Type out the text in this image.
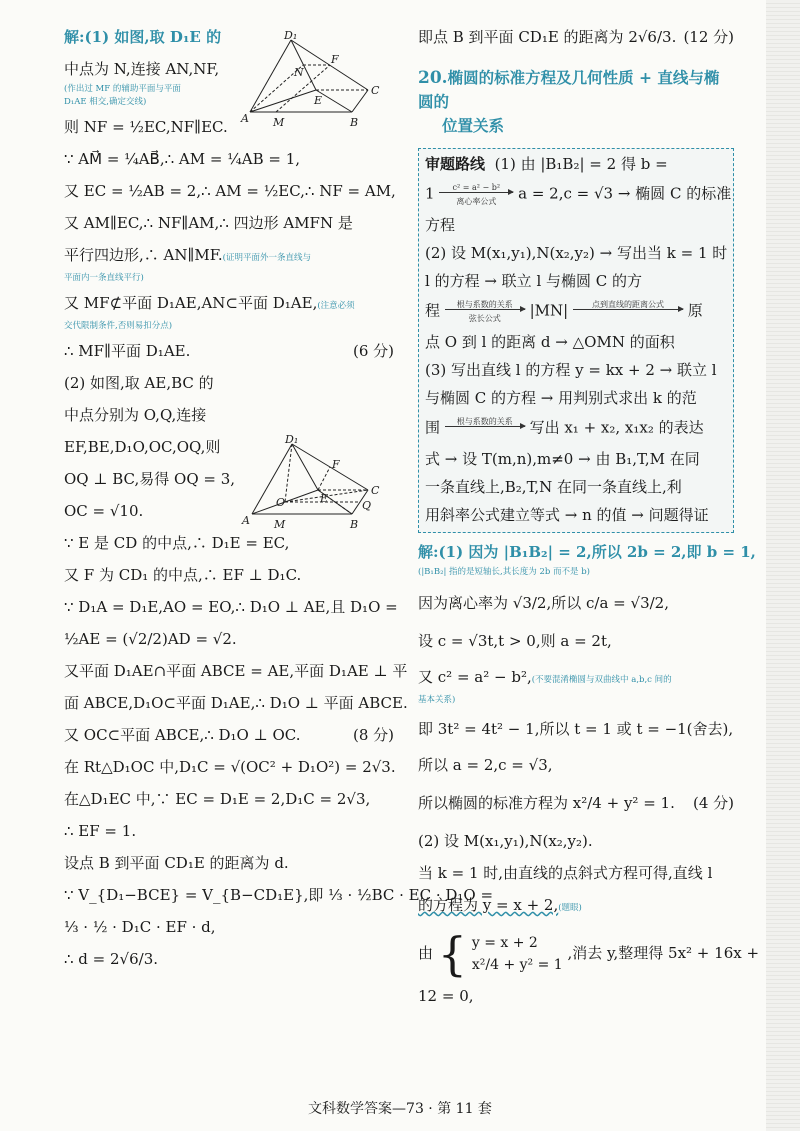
解:(1) 如图,取 D₁E 的
中点为 N,连接 AN,NF,
(作出过 MF 的辅助平面与平面
D₁AE 相交,确定交线)
则 NF = ½EC,NF∥EC.
∵ AM⃗ = ¼AB⃗,∴ AM = ¼AB = 1,
又 EC = ½AB = 2,∴ AM = ½EC,∴ NF = AM,
又 AM∥EC,∴ NF∥AM,∴ 四边形 AMFN 是
平行四边形,∴ AN∥MF.(证明平面外一条直线与
平面内一条直线平行)
又 MF⊄平面 D₁AE,AN⊂平面 D₁AE,(注意必须
交代限制条件,否则易扣分点)
∴ MF∥平面 D₁AE.	(6 分)
(2) 如图,取 AE,BC 的
中点分别为 O,Q,连接
EF,BE,D₁O,OC,OQ,则
OQ ⊥ BC,易得 OQ = 3,
OC = √10.
∵ E 是 CD 的中点,∴ D₁E = EC,
又 F 为 CD₁ 的中点,∴ EF ⊥ D₁C.
∵ D₁A = D₁E,AO = EO,∴ D₁O ⊥ AE,且 D₁O =
½AE = (√2/2)AD = √2.
又平面 D₁AE∩平面 ABCE = AE,平面 D₁AE ⊥ 平
面 ABCE,D₁O⊂平面 D₁AE,∴ D₁O ⊥ 平面 ABCE.
又 OC⊂平面 ABCE,∴ D₁O ⊥ OC.	(8 分)
在 Rt△D₁OC 中,D₁C = √(OC² + D₁O²) = 2√3.
在△D₁EC 中,∵ EC = D₁E = 2,D₁C = 2√3,
∴ EF = 1.
设点 B 到平面 CD₁E 的距离为 d.
∵ V_{D₁−BCE} = V_{B−CD₁E},即 ⅓ · ½BC · EC · D₁O =
⅓ · ½ · D₁C · EF · d,
∴ d = 2√6/3.
D₁
N
F
E
C
A M	B
D₁
F
E
O
C
Q
A M	B
即点 B 到平面 CD₁E 的距离为 2√6/3. (12 分)
20.椭圆的标准方程及几何性质 + 直线与椭圆的
位置关系
审题路线 (1) 由 |B₁B₂| = 2 得 b =
1	c² = a² − b²
离心率公式	a = 2,c = √3 → 椭圆 C 的标准
方程
(2) 设 M(x₁,y₁),N(x₂,y₂) → 写出当 k = 1 时
l 的方程 → 联立 l 与椭圆 C 的方
程	根与系数的关系
弦长公式	|MN|	点到直线的距离公式
	原
点 O 到 l 的距离 d → △OMN 的面积
(3) 写出直线 l 的方程 y = kx + 2 → 联立 l
与椭圆 C 的方程 → 用判别式求出 k 的范
围	根与系数的关系
	写出 x₁ + x₂, x₁x₂ 的表达
式 → 设 T(m,n),m≠0 → 由 B₁,T,M 在同
一条直线上,B₂,T,N 在同一条直线上,利
用斜率公式建立等式 → n 的值 → 问题得证
解:(1) 因为 |B₁B₂| = 2,所以 2b = 2,即 b = 1,
(|B₁B₂| 指的是短轴长,其长度为 2b 而不是 b)
因为离心率为 √3/2,所以 c/a = √3/2,
设 c = √3t,t > 0,则 a = 2t,
又 c² = a² − b²,(不要混淆椭圆与双曲线中 a,b,c 间的
基本关系)
即 3t² = 4t² − 1,所以 t = 1 或 t = −1(舍去),
所以 a = 2,c = √3,
所以椭圆的标准方程为 x²/4 + y² = 1. (4 分)
(2) 设 M(x₁,y₁),N(x₂,y₂).
当 k = 1 时,由直线的点斜式方程可得,直线 l
的方程为 y = x + 2,(题眼)
由 { y = x + 2
x²/4 + y² = 1
,消去 y,整理得 5x² + 16x +
12 = 0,
文科数学答案—73 · 第 11 套
